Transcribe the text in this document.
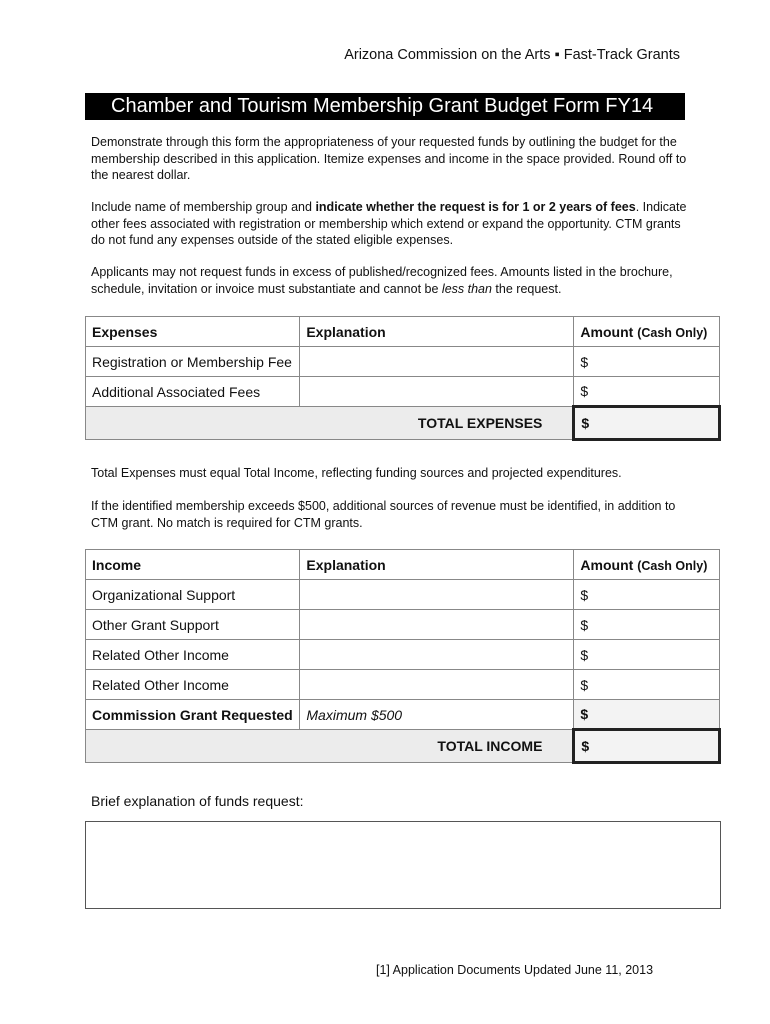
Arizona Commission on the Arts ▪ Fast-Track Grants
Chamber and Tourism Membership Grant Budget Form FY14
Demonstrate through this form the appropriateness of your requested funds by outlining the budget for the membership described in this application. Itemize expenses and income in the space provided. Round off to the nearest dollar.
Include name of membership group and indicate whether the request is for 1 or 2 years of fees. Indicate other fees associated with registration or membership which extend or expand the opportunity. CTM grants do not fund any expenses outside of the stated eligible expenses.
Applicants may not request funds in excess of published/recognized fees. Amounts listed in the brochure, schedule, invitation or invoice must substantiate and cannot be less than the request.
Expenses	Explanation	Amount (Cash Only)
Registration or Membership Fee		$
Additional Associated Fees		$
TOTAL EXPENSES		$
Total Expenses must equal Total Income, reflecting funding sources and projected expenditures.
If the identified membership exceeds $500, additional sources of revenue must be identified, in addition to CTM grant. No match is required for CTM grants.
Income	Explanation	Amount (Cash Only)
Organizational Support		$
Other Grant Support		$
Related Other Income		$
Related Other Income		$
Commission Grant Requested	Maximum $500	$
TOTAL INCOME		$
Brief explanation of funds request:
[1] Application Documents Updated June 11, 2013
